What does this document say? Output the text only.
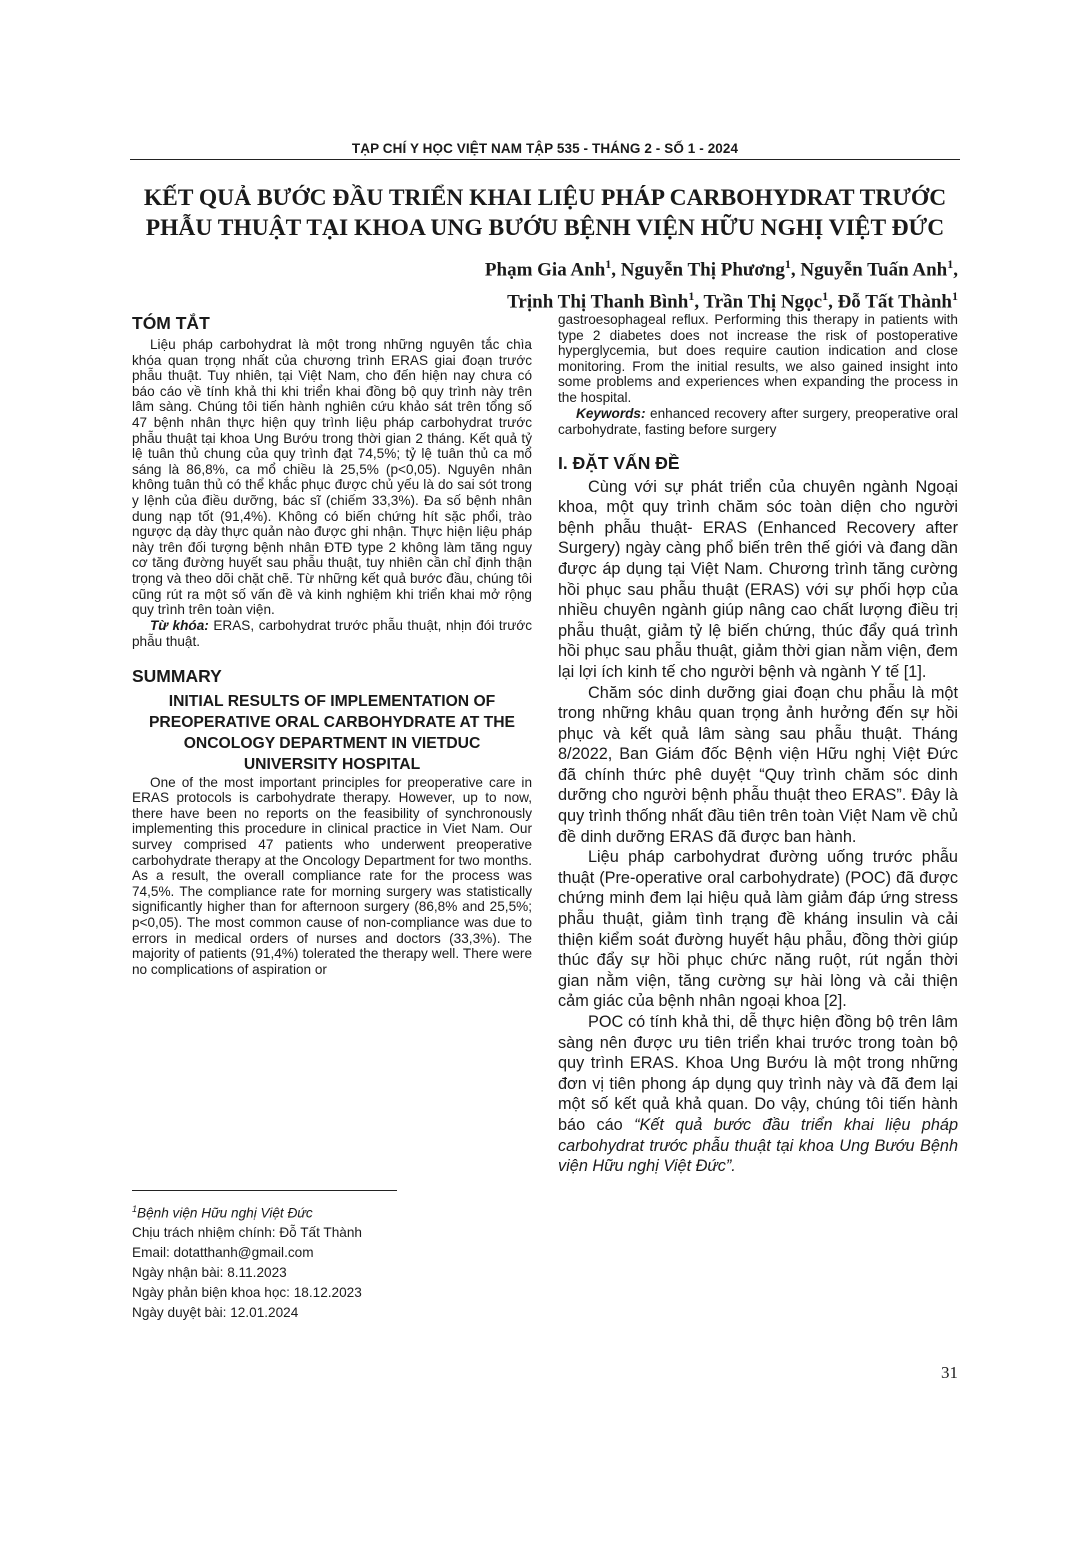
TẠP CHÍ Y HỌC VIỆT NAM TẬP 535 - THÁNG 2 - SỐ 1 - 2024
KẾT QUẢ BƯỚC ĐẦU TRIỂN KHAI LIỆU PHÁP CARBOHYDRAT TRƯỚC
PHẪU THUẬT TẠI KHOA UNG BƯỚU BỆNH VIỆN HỮU NGHỊ VIỆT ĐỨC
Phạm Gia Anh$^1$, Nguyễn Thị Phương$^1$, Nguyễn Tuấn Anh$^1$,
Trịnh Thị Thanh Bình$^1$, Trần Thị Ngọc$^1$, Đỗ Tất Thành$^1$
TÓM TẮT

Liệu pháp carbohydrat là một trong những nguyên tắc chìa khóa quan trọng nhất của chương trình ERAS giai đoạn trước phẫu thuật. Tuy nhiên, tại Việt Nam, cho đến hiện nay chưa có báo cáo về tính khả thi khi triển khai đồng bộ quy trình này trên lâm sàng. Chúng tôi tiến hành nghiên cứu khảo sát trên tổng số 47 bệnh nhân thực hiện quy trình liệu pháp carbohydrat trước phẫu thuật tại khoa Ung Bướu trong thời gian 2 tháng. Kết quả tỷ lệ tuân thủ chung của quy trình đạt 74,5%; tỷ lệ tuân thủ ca mổ sáng là 86,8%, ca mổ chiều là 25,5% (p<0,05). Nguyên nhân không tuân thủ có thể khắc phục được chủ yếu là do sai sót trong y lệnh của điều dưỡng, bác sĩ (chiếm 33,3%). Đa số bệnh nhân dung nạp tốt (91,4%). Không có biến chứng hít sặc phổi, trào ngược dạ dày thực quản nào được ghi nhận. Thực hiện liệu pháp này trên đối tượng bệnh nhân ĐTĐ type 2 không làm tăng nguy cơ tăng đường huyết sau phẫu thuật, tuy nhiên cần chỉ định thận trọng và theo dõi chặt chẽ. Từ những kết quả bước đầu, chúng tôi cũng rút ra một số vấn đề và kinh nghiệm khi triển khai mở rộng quy trình trên toàn viện.

Từ khóa: ERAS, carbohydrat trước phẫu thuật, nhịn đói trước phẫu thuật.

SUMMARY

INITIAL RESULTS OF IMPLEMENTATION OF PREOPERATIVE ORAL CARBOHYDRATE AT THE ONCOLOGY DEPARTMENT IN VIETDUC UNIVERSITY HOSPITAL

One of the most important principles for preoperative care in ERAS protocols is carbohydrate therapy. However, up to now, there have been no reports on the feasibility of synchronously implementing this procedure in clinical practice in Viet Nam. Our survey comprised 47 patients who underwent preoperative carbohydrate therapy at the Oncology Department for two months. As a result, the overall compliance rate for the process was 74,5%. The compliance rate for morning surgery was statistically significantly higher than for afternoon surgery (86,8% and 25,5%; p<0,05). The most common cause of non-compliance was due to errors in medical orders of nurses and doctors (33,3%). The majority of patients (91,4%) tolerated the therapy well. There were no complications of aspiration or

$^1$Bệnh viện Hữu nghị Việt Đức
Chịu trách nhiệm chính: Đỗ Tất Thành
Email: dotatthanh@gmail.com
Ngày nhận bài: 8.11.2023
Ngày phản biện khoa học: 18.12.2023
Ngày duyệt bài: 12.01.2024

gastroesophageal reflux. Performing this therapy in patients with type 2 diabetes does not increase the risk of postoperative hyperglycemia, but does require caution indication and close monitoring. From the initial results, we also gained insight into some problems and experiences when expanding the process in the hospital.

Keywords: enhanced recovery after surgery, preoperative oral carbohydrate, fasting before surgery

I. ĐẶT VẤN ĐỀ

Cùng với sự phát triển của chuyên ngành Ngoại khoa, một quy trình chăm sóc toàn diện cho người bệnh phẫu thuật- ERAS (Enhanced Recovery after Surgery) ngày càng phổ biến trên thế giới và đang dần được áp dụng tại Việt Nam. Chương trình tăng cường hồi phục sau phẫu thuật (ERAS) với sự phối hợp của nhiều chuyên ngành giúp nâng cao chất lượng điều trị phẫu thuật, giảm tỷ lệ biến chứng, thúc đẩy quá trình hồi phục sau phẫu thuật, giảm thời gian nằm viện, đem lại lợi ích kinh tế cho người bệnh và ngành Y tế [1].

Chăm sóc dinh dưỡng giai đoạn chu phẫu là một trong những khâu quan trọng ảnh hưởng đến sự hồi phục và kết quả lâm sàng sau phẫu thuật. Tháng 8/2022, Ban Giám đốc Bệnh viện Hữu nghị Việt Đức đã chính thức phê duyệt “Quy trình chăm sóc dinh dưỡng cho người bệnh phẫu thuật theo ERAS”. Đây là quy trình thống nhất đầu tiên trên toàn Việt Nam về chủ đề dinh dưỡng ERAS đã được ban hành.

Liệu pháp carbohydrat đường uống trước phẫu thuật (Pre-operative oral carbohydrate) (POC) đã được chứng minh đem lại hiệu quả làm giảm đáp ứng stress phẫu thuật, giảm tình trạng đề kháng insulin và cải thiện kiểm soát đường huyết hậu phẫu, đồng thời giúp thúc đẩy sự hồi phục chức năng ruột, rút ngắn thời gian nằm viện, tăng cường sự hài lòng và cải thiện cảm giác của bệnh nhân ngoại khoa [2].

POC có tính khả thi, dễ thực hiện đồng bộ trên lâm sàng nên được ưu tiên triển khai trước trong toàn bộ quy trình ERAS. Khoa Ung Bướu là một trong những đơn vị tiên phong áp dụng quy trình này và đã đem lại một số kết quả khả quan. Do vậy, chúng tôi tiến hành báo cáo “Kết quả bước đầu triển khai liệu pháp carbohydrat trước phẫu thuật tại khoa Ung Bướu Bệnh viện Hữu nghị Việt Đức”.

31
